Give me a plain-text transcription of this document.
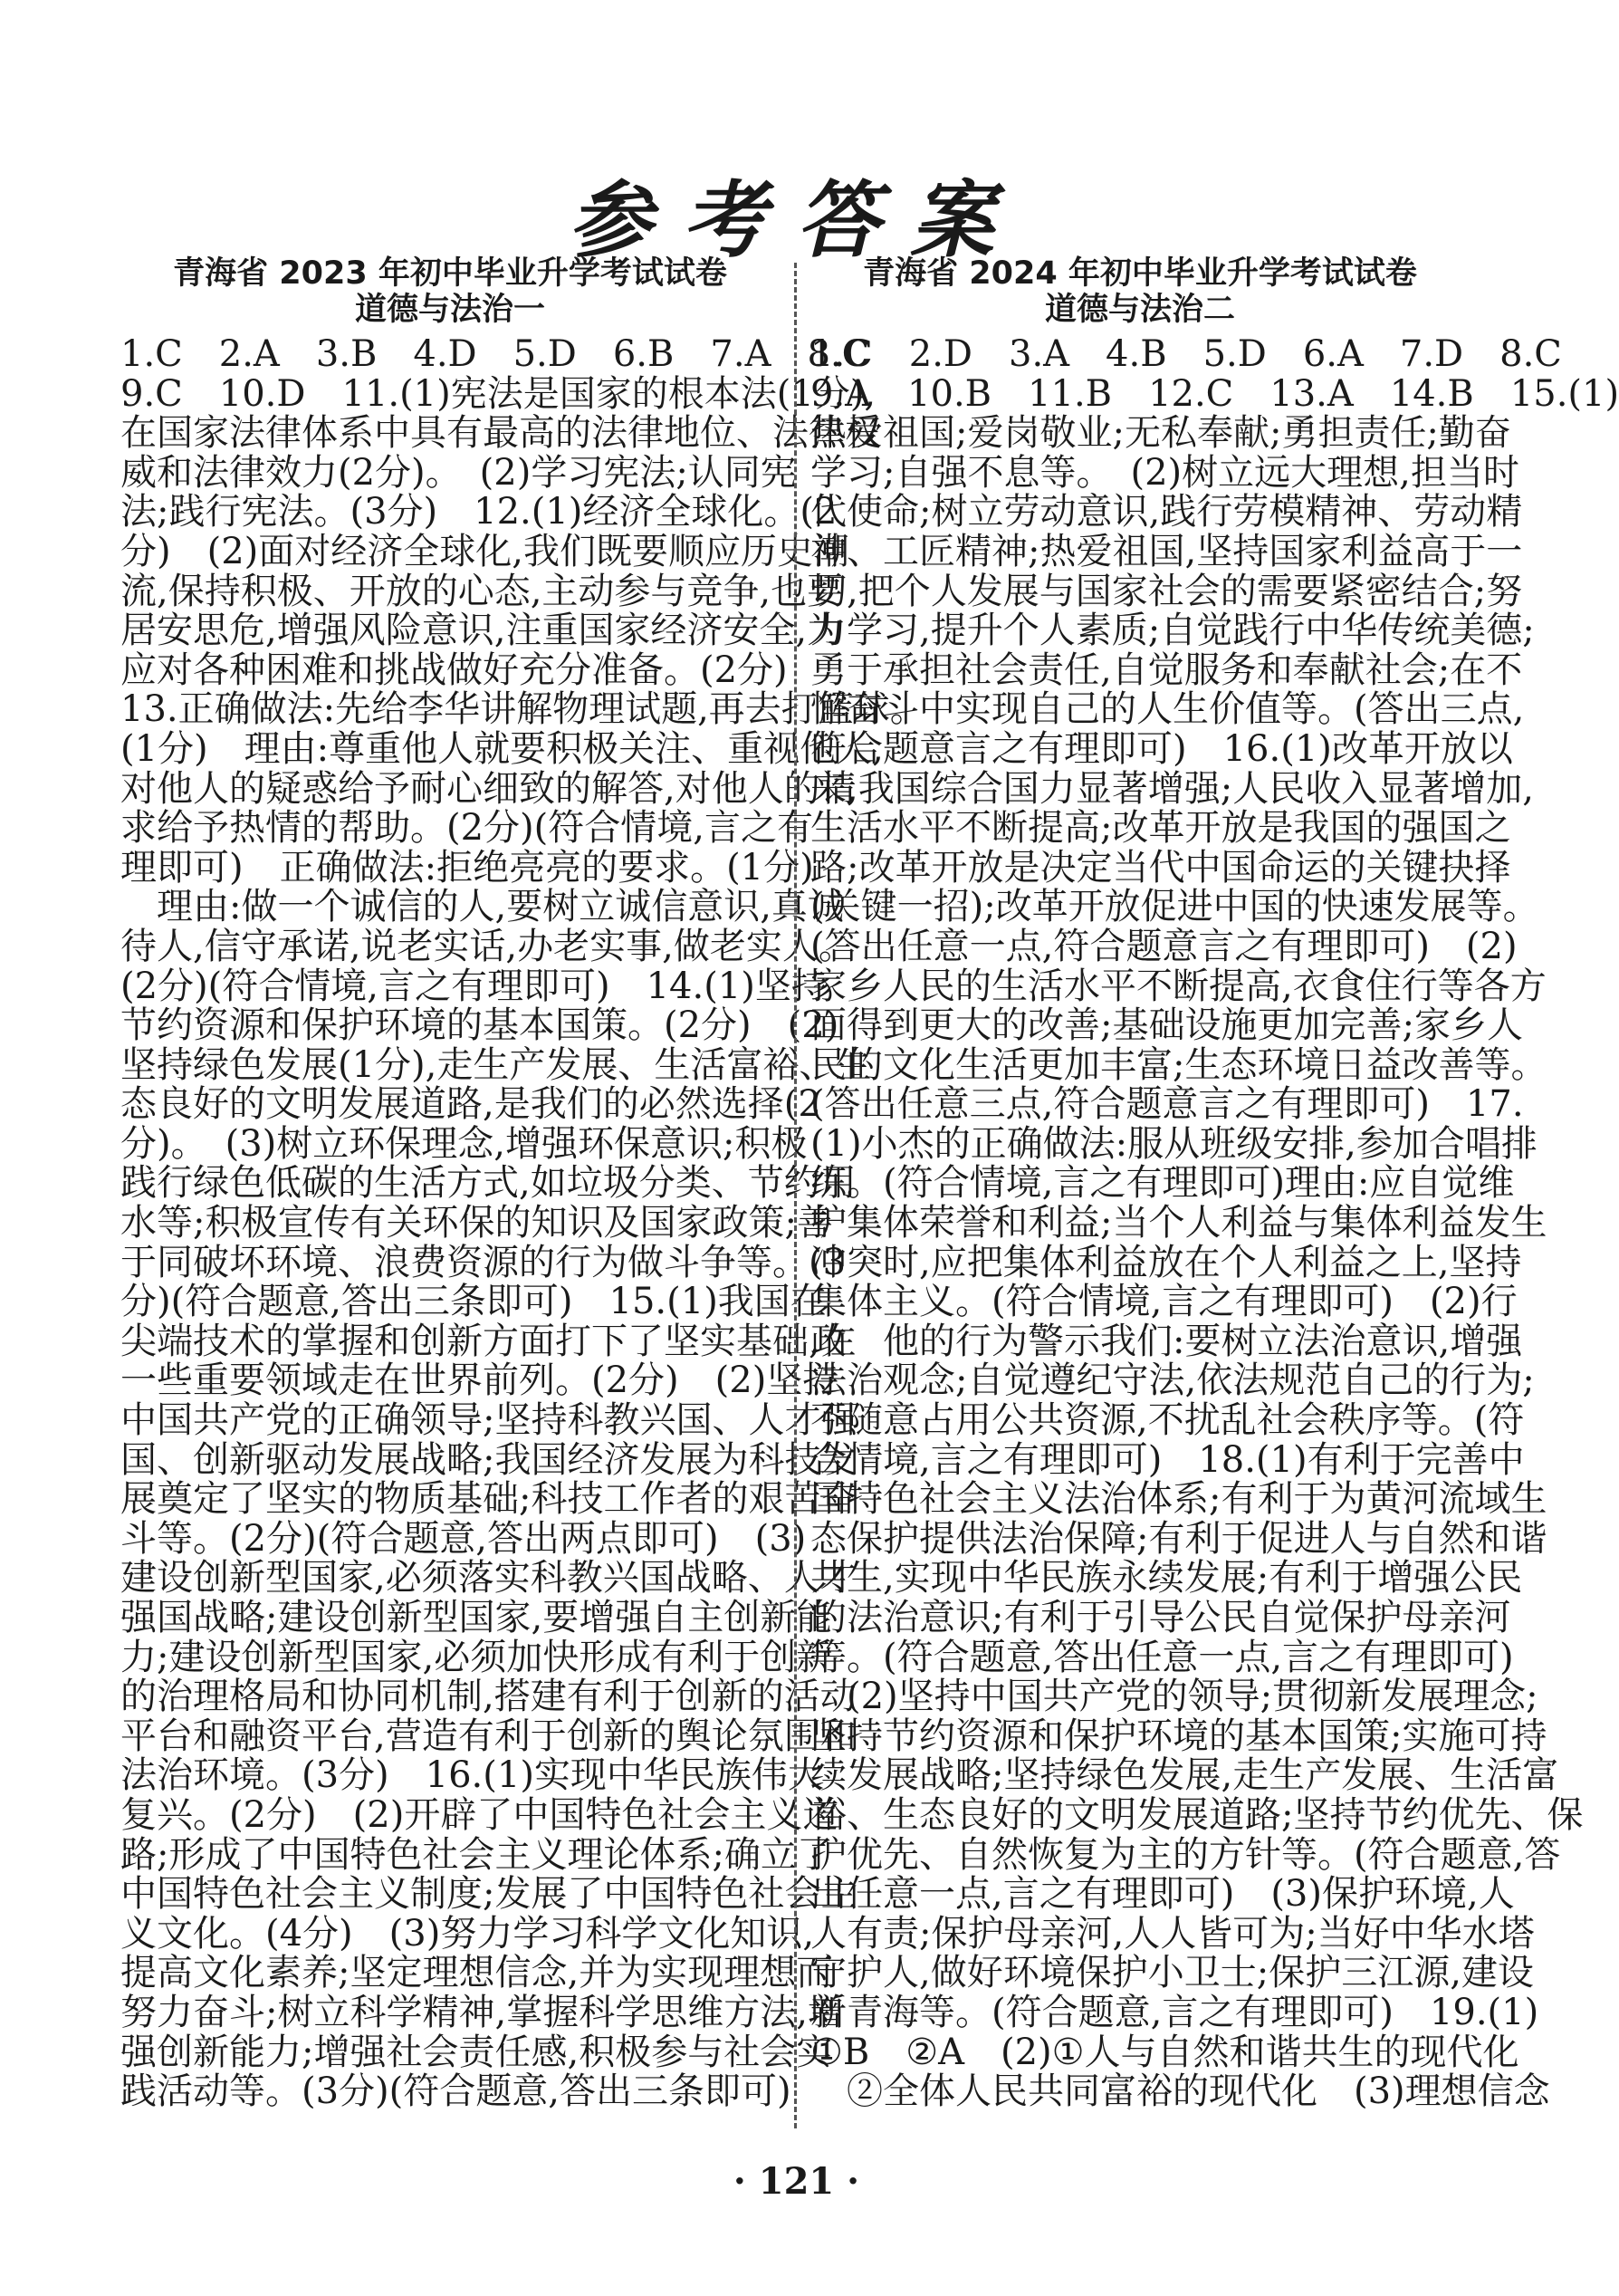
参考答案
青海省 2023 年初中毕业升学考试试卷
道德与法治一
1.C　2.A　3.B　4.D　5.D　6.B　7.A　8.C
9.C　10.D　11.(1)宪法是国家的根本法(1分),
在国家法律体系中具有最高的法律地位、法律权
威和法律效力(2分)。　(2)学习宪法;认同宪
法;践行宪法。(3分)　12.(1)经济全球化。(2
分)　(2)面对经济全球化,我们既要顺应历史潮
流,保持积极、开放的心态,主动参与竞争,也要
居安思危,增强风险意识,注重国家经济安全,为
应对各种困难和挑战做好充分准备。(2分)
13.正确做法:先给李华讲解物理试题,再去打篮球。
(1分)　理由:尊重他人就要积极关注、重视他人,
对他人的疑惑给予耐心细致的解答,对他人的请
求给予热情的帮助。(2分)(符合情境,言之有
理即可)　正确做法:拒绝亮亮的要求。(1分)
　理由:做一个诚信的人,要树立诚信意识,真诚
待人,信守承诺,说老实话,办老实事,做老实人。
(2分)(符合情境,言之有理即可)　14.(1)坚持
节约资源和保护环境的基本国策。(2分)　(2)
坚持绿色发展(1分),走生产发展、生活富裕、生
态良好的文明发展道路,是我们的必然选择(2
分)。　(3)树立环保理念,增强环保意识;积极
践行绿色低碳的生活方式,如垃圾分类、节约用
水等;积极宣传有关环保的知识及国家政策;善
于同破坏环境、浪费资源的行为做斗争等。(3
分)(符合题意,答出三条即可)　15.(1)我国在
尖端技术的掌握和创新方面打下了坚实基础,在
一些重要领域走在世界前列。(2分)　(2)坚持
中国共产党的正确领导;坚持科教兴国、人才强
国、创新驱动发展战略;我国经济发展为科技发
展奠定了坚实的物质基础;科技工作者的艰苦奋
斗等。(2分)(符合题意,答出两点即可)　(3)
建设创新型国家,必须落实科教兴国战略、人才
强国战略;建设创新型国家,要增强自主创新能
力;建设创新型国家,必须加快形成有利于创新
的治理格局和协同机制,搭建有利于创新的活动
平台和融资平台,营造有利于创新的舆论氛围和
法治环境。(3分)　16.(1)实现中华民族伟大
复兴。(2分)　(2)开辟了中国特色社会主义道
路;形成了中国特色社会主义理论体系;确立了
中国特色社会主义制度;发展了中国特色社会主
义文化。(4分)　(3)努力学习科学文化知识,
提高文化素养;坚定理想信念,并为实现理想而
努力奋斗;树立科学精神,掌握科学思维方法,增
强创新能力;增强社会责任感,积极参与社会实
践活动等。(3分)(符合题意,答出三条即可)
青海省 2024 年初中毕业升学考试试卷
道德与法治二
1.C　2.D　3.A　4.B　5.D　6.A　7.D　8.C
9.A　10.B　11.B　12.C　13.A　14.B　15.(1)
热爱祖国;爱岗敬业;无私奉献;勇担责任;勤奋
学习;自强不息等。　(2)树立远大理想,担当时
代使命;树立劳动意识,践行劳模精神、劳动精
神、工匠精神;热爱祖国,坚持国家利益高于一
切,把个人发展与国家社会的需要紧密结合;努
力学习,提升个人素质;自觉践行中华传统美德;
勇于承担社会责任,自觉服务和奉献社会;在不
懈奋斗中实现自己的人生价值等。(答出三点,
符合题意言之有理即可)　16.(1)改革开放以
来,我国综合国力显著增强;人民收入显著增加,
生活水平不断提高;改革开放是我国的强国之
路;改革开放是决定当代中国命运的关键抉择
(关键一招);改革开放促进中国的快速发展等。
(答出任意一点,符合题意言之有理即可)　(2)
家乡人民的生活水平不断提高,衣食住行等各方
面得到更大的改善;基础设施更加完善;家乡人
民的文化生活更加丰富;生态环境日益改善等。
(答出任意三点,符合题意言之有理即可)　17.
(1)小杰的正确做法:服从班级安排,参加合唱排
练。(符合情境,言之有理即可)理由:应自觉维
护集体荣誉和利益;当个人利益与集体利益发生
冲突时,应把集体利益放在个人利益之上,坚持
集体主义。(符合情境,言之有理即可)　(2)行
政　他的行为警示我们:要树立法治意识,增强
法治观念;自觉遵纪守法,依法规范自己的行为;
不随意占用公共资源,不扰乱社会秩序等。(符
合情境,言之有理即可)　18.(1)有利于完善中
国特色社会主义法治体系;有利于为黄河流域生
态保护提供法治保障;有利于促进人与自然和谐
共生,实现中华民族永续发展;有利于增强公民
的法治意识;有利于引导公民自觉保护母亲河
等。(符合题意,答出任意一点,言之有理即可)
　(2)坚持中国共产党的领导;贯彻新发展理念;
坚持节约资源和保护环境的基本国策;实施可持
续发展战略;坚持绿色发展,走生产发展、生活富
裕、生态良好的文明发展道路;坚持节约优先、保
护优先、自然恢复为主的方针等。(符合题意,答
出任意一点,言之有理即可)　(3)保护环境,人
人有责;保护母亲河,人人皆可为;当好中华水塔
守护人,做好环境保护小卫士;保护三江源,建设
新青海等。(符合题意,言之有理即可)　19.(1)
①B　②A　(2)①人与自然和谐共生的现代化
　②全体人民共同富裕的现代化　(3)理想信念
· 121 ·
